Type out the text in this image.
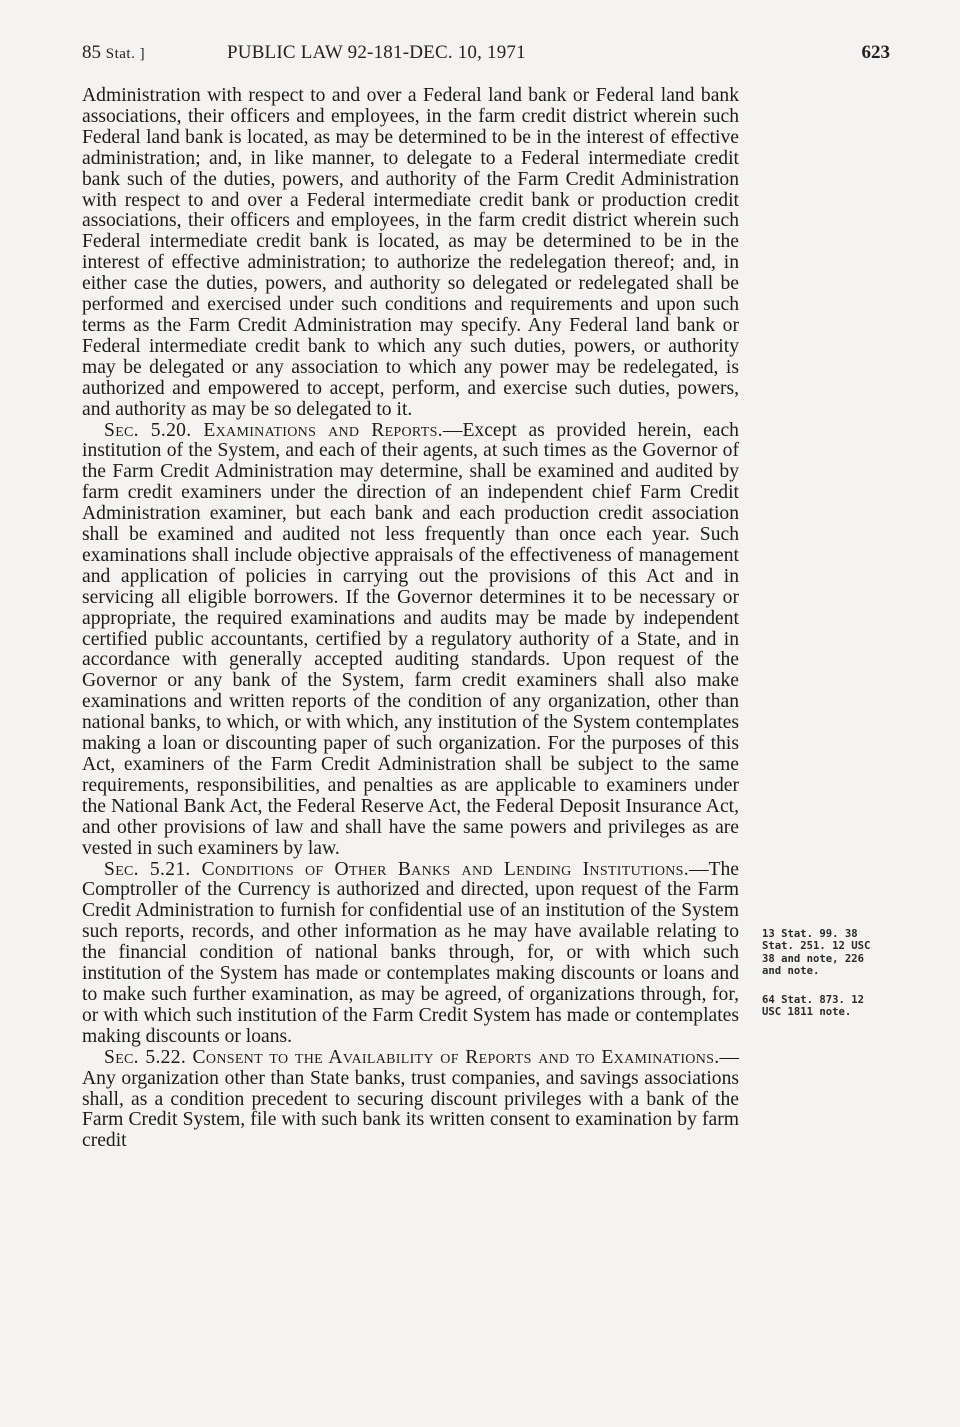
85 Stat. ]	PUBLIC LAW 92-181-DEC. 10, 1971	623

Administration with respect to and over a Federal land bank or Federal land bank associations, their officers and employees, in the farm credit district wherein such Federal land bank is located, as may be determined to be in the interest of effective administration; and, in like manner, to delegate to a Federal intermediate credit bank such of the duties, powers, and authority of the Farm Credit Administration with respect to and over a Federal intermediate credit bank or production credit associations, their officers and employees, in the farm credit district wherein such Federal intermediate credit bank is located, as may be determined to be in the interest of effective administration; to authorize the redelegation thereof; and, in either case the duties, powers, and authority so delegated or redelegated shall be performed and exercised under such conditions and requirements and upon such terms as the Farm Credit Administration may specify. Any Federal land bank or Federal intermediate credit bank to which any such duties, powers, or authority may be delegated or any association to which any power may be redelegated, is authorized and empowered to accept, perform, and exercise such duties, powers, and authority as may be so delegated to it.

Sec. 5.20. Examinations and Reports.—Except as provided herein, each institution of the System, and each of their agents, at such times as the Governor of the Farm Credit Administration may determine, shall be examined and audited by farm credit examiners under the direction of an independent chief Farm Credit Administration examiner, but each bank and each production credit association shall be examined and audited not less frequently than once each year. Such examinations shall include objective appraisals of the effectiveness of management and application of policies in carrying out the provisions of this Act and in servicing all eligible borrowers. If the Governor determines it to be necessary or appropriate, the required examinations and audits may be made by independent certified public accountants, certified by a regulatory authority of a State, and in accordance with generally accepted auditing standards. Upon request of the Governor or any bank of the System, farm credit examiners shall also make examinations and written reports of the condition of any organization, other than national banks, to which, or with which, any institution of the System contemplates making a loan or discounting paper of such organization. For the purposes of this Act, examiners of the Farm Credit Administration shall be subject to the same requirements, responsibilities, and penalties as are applicable to examiners under the National Bank Act, the Federal Reserve Act, the Federal Deposit Insurance Act, and other provisions of law and shall have the same powers and privileges as are vested in such examiners by law.

Sec. 5.21. Conditions of Other Banks and Lending Institutions.—The Comptroller of the Currency is authorized and directed, upon request of the Farm Credit Administration to furnish for confidential use of an institution of the System such reports, records, and other information as he may have available relating to the financial condition of national banks through, for, or with which such institution of the System has made or contemplates making discounts or loans and to make such further examination, as may be agreed, of organizations through, for, or with which such institution of the Farm Credit System has made or contemplates making discounts or loans.

Sec. 5.22. Consent to the Availability of Reports and to Examinations.—Any organization other than State banks, trust companies, and savings associations shall, as a condition precedent to securing discount privileges with a bank of the Farm Credit System, file with such bank its written consent to examination by farm credit

13 Stat. 99. 38 Stat. 251. 12 USC 38 and note, 226 and note.
64 Stat. 873. 12 USC 1811 note.
